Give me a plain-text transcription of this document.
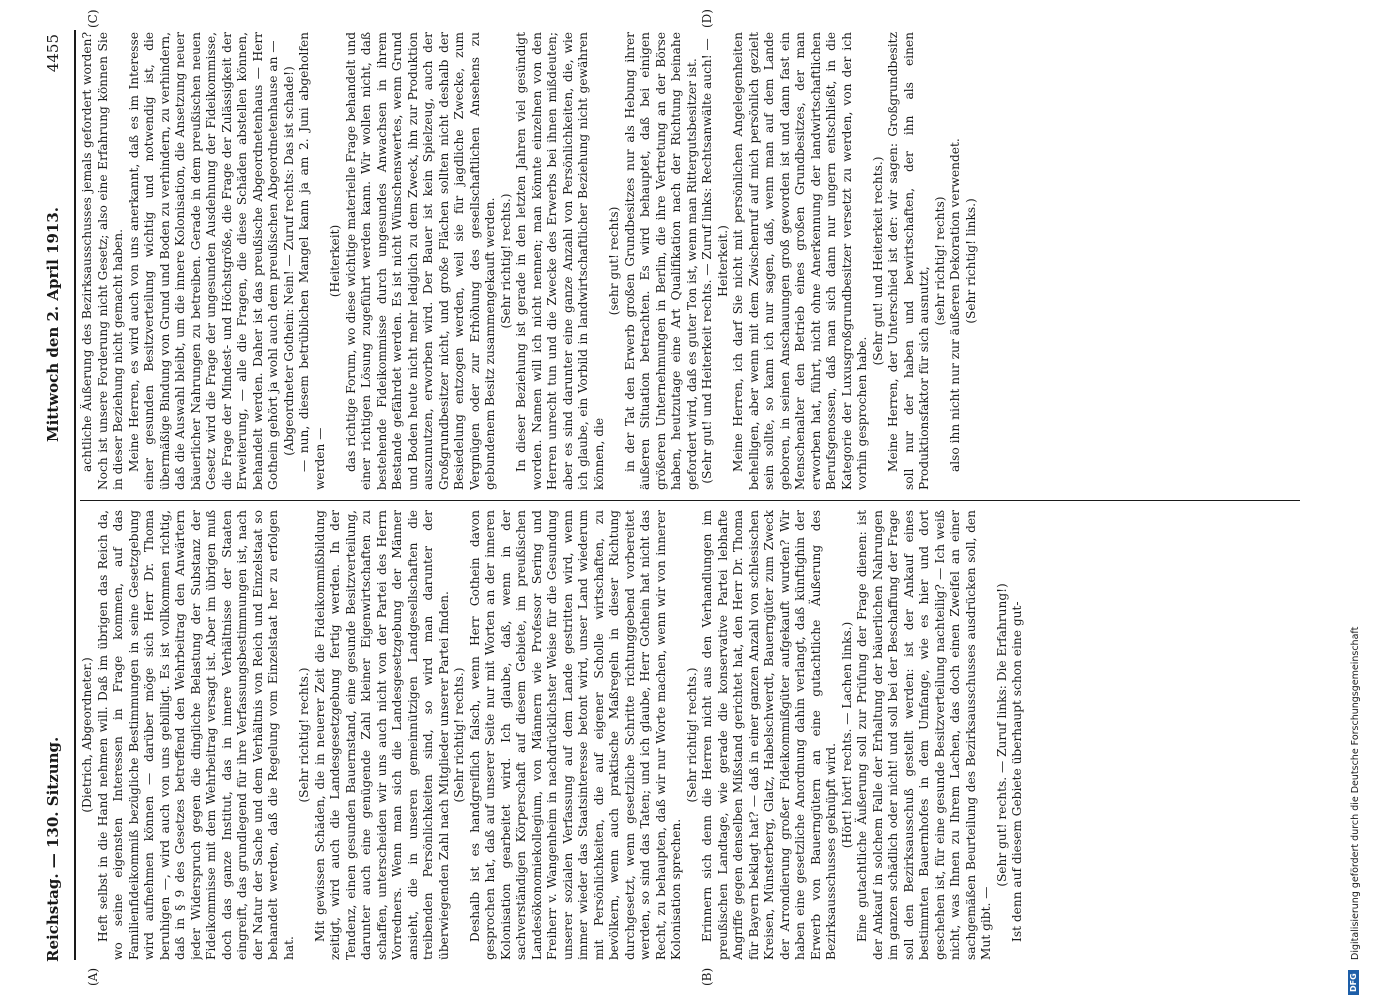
Reichstag. — 130. Sitzung.
Mittwoch den 2. April 1913.
4455
(A)	(B)
(C)	(D)

(Dietrich, Abgeordneter.) Heft selbst in die Hand nehmen will. Daß im übrigen das Reich da, wo seine eigensten Interessen in Frage kommen, auf das Familienfideikommiß bezügliche Bestimmungen in seine Gesetzgebung wird aufnehmen können — darüber möge sich Herr Dr. Thoma beruhigen —, wird auch von uns gebilligt. Es ist vollkommen richtig, daß in § 9 des Gesetzes betreffend den Wehrbeitrag den Anwärtern jeder Widerspruch gegen die dingliche Belastung der Substanz der Fideikommisse mit dem Wehrbeitrag versagt ist. Aber im übrigen muß doch das ganze Institut, das in innere Verhältnisse der Staaten eingreift, das grundlegend für ihre Verfassungsbestimmungen ist, nach der Natur der Sache und dem Verhältnis von Reich und Einzelstaat so behandelt werden, daß die Regelung vom Einzelstaat her zu erfolgen hat.

(Sehr richtig! rechts.) Mit gewissen Schäden, die in neuerer Zeit die Fideikommißbildung zeitigt, wird auch die Landesgesetzgebung fertig werden. In der Tendenz, einen gesunden Bauernstand, eine gesunde Besitzverteilung, darunter auch eine genügende Zahl kleiner Eigenwirtschaften zu schaffen, unterscheiden wir uns auch nicht von der Partei des Herrn Vorredners. Wenn man sich die Landesgesetzgebung der Männer ansieht, die in unseren gemeinnützigen Landgesellschaften die treibenden Persönlichkeiten sind, so wird man darunter der überwiegenden Zahl nach Mitglieder unserer Partei finden. (Sehr richtig! rechts.) Deshalb ist es handgreiflich falsch, wenn Herr Gothein davon gesprochen hat, daß auf unserer Seite nur mit Worten an der inneren Kolonisation gearbeitet wird. Ich glaube, daß, wenn in der sachverständigen Körperschaft auf diesem Gebiete, im preußischen Landesökonomiekollegium, von Männern wie Professor Sering und Freiherr v. Wangenheim in nachdrücklichster Weise für die Gesundung unserer sozialen Verfassung auf dem Lande gestritten wird, wenn immer wieder das Staatsinteresse betont wird, unser Land wiederum mit Persönlichkeiten, die auf eigener Scholle wirtschaften, zu bevölkern, wenn auch praktische Maßregeln in dieser Richtung durchgesetzt, wenn gesetzliche Schritte richtunggebend vorbereitet werden, so sind das Taten; und ich glaube, Herr Gothein hat nicht das Recht, zu behaupten, daß wir nur Worte machen, wenn wir von innerer Kolonisation sprechen.

(Sehr richtig! rechts.) Erinnern sich denn die Herren nicht aus den Verhandlungen im preußischen Landtage, wie gerade die konservative Partei lebhafte Angriffe gegen denselben Mißstand gerichtet hat, den Herr Dr. Thoma für Bayern beklagt hat? — daß in einer ganzen Anzahl von schlesischen Kreisen, Münsterberg, Glatz, Habelschwerdt, Bauerngüter zum Zweck der Arrondierung großer Fideikommißgüter aufgekauft wurden? Wir haben eine gesetzliche Anordnung dahin verlangt, daß künftighin der Erwerb von Bauerngütern an eine gutachtliche Äußerung des Bezirksausschusses geknüpft wird.

(Hört! hört! rechts. — Lachen links.) Eine gutachtliche Äußerung soll zur Prüfung der Frage dienen: ist der Ankauf in solchem Falle der Erhaltung der bäuerlichen Nahrungen im ganzen schädlich oder nicht! und soll bei der Beschaffung der Frage soll den Bezirksausschuß gestellt werden: ist der Ankauf eines bestimmten Bauernhofes in dem Umfange, wie es hier und dort geschehen ist, für eine gesunde Besitzverteilung nachteilig? — Ich weiß nicht, was Ihnen zu Ihrem Lachen, das doch einen Zweifel an einer sachgemäßen Beurteilung des Bezirksausschusses ausdrücken soll, den Mut gibt. —

(Sehr gut! rechts. — Zuruf links: Die Erfahrung!) Ist denn auf diesem Gebiete überhaupt schon eine gut-

achtliche Äußerung des Bezirksausschusses jemals gefordert worden? Noch ist unsere Forderung nicht Gesetz; also eine Erfahrung können Sie in dieser Beziehung nicht gemacht haben. Meine Herren, es wird auch von uns anerkannt, daß es im Interesse einer gesunden Besitzverteilung wichtig und notwendig ist, die übermäßige Bindung von Grund und Boden zu verhindern, zu verhindern, daß die Auswahl bleibt, um die innere Kolonisation, die Ansetzung neuer bäuerlicher Nahrungen zu betreiben. Gerade in dem preußischen neuen Gesetz wird die Frage der ungesunden Ausdehnung der Fideikommisse, die Frage der Mindest- und Höchstgröße, die Frage der Zulässigkeit der Erweiterung, — alle die Fragen, die diese Schäden abstellen können, behandelt werden. Daher ist das preußische Abgeordnetenhaus — Herr Gothein gehört ja wohl auch dem preußischen Abgeordnetenhause an — (Abgeordneter Gothein: Nein! — Zuruf rechts: Das ist schade!) — nun, diesem betrüblichen Mangel kann ja am 2. Juni abgeholfen werden —

(Heiterkeit) das richtige Forum, wo diese wichtige materielle Frage behandelt und einer richtigen Lösung zugeführt werden kann. Wir wollen nicht, daß bestehende Fideikommisse durch ungesundes Anwachsen in ihrem Bestande gefährdet werden. Es ist nicht Wünschenswertes, wenn Grund und Boden heute nicht mehr lediglich zu dem Zweck, ihn zur Produktion auszunutzen, erworben wird. Der Bauer ist kein Spielzeug, auch der Großgrundbesitzer nicht, und große Flächen sollten nicht deshalb der Besiedelung entzogen werden, weil sie für jagdliche Zwecke, zum Vergnügen oder zur Erhöhung des gesellschaftlichen Ansehens zu gebundenem Besitz zusammengekauft werden. (Sehr richtig! rechts.) In dieser Beziehung ist gerade in den letzten Jahren viel gesündigt worden. Namen will ich nicht nennen; man könnte einzelnen von den Herren unrecht tun und die Zwecke des Erwerbs bei ihnen mißdeuten; aber es sind darunter eine ganze Anzahl von Persönlichkeiten, die, wie ich glaube, ein Vorbild in landwirtschaftlicher Beziehung nicht gewähren können, die

(sehr gut! rechts) in der Tat den Erwerb großen Grundbesitzes nur als Hebung ihrer äußeren Situation betrachten. Es wird behauptet, daß bei einigen größeren Unternehmungen in Berlin, die ihre Vertretung an der Börse haben, heutzutage eine Art Qualifikation nach der Richtung beinahe gefordert wird, daß es guter Ton ist, wenn man Rittergutsbesitzer ist. (Sehr gut! und Heiterkeit rechts. — Zuruf links: Rechtsanwälte auch! — Heiterkeit.) Meine Herren, ich darf Sie nicht mit persönlichen Angelegenheiten behelligen, aber wenn mit dem Zwischenruf auf mich persönlich gezielt sein sollte, so kann ich nur sagen, daß, wenn man auf dem Lande geboren, in seinen Anschauungen groß geworden ist und dann fast ein Menschenalter den Betrieb eines großen Grundbesitzes, der man erworben hat, führt, nicht ohne Anerkennung der landwirtschaftlichen Berufsgenossen, daß man sich dann nur ungern entschließt, in die Kategorie der Luxusgroßgrundbesitzer versetzt zu werden, von der ich vorhin gesprochen habe.

(Sehr gut! und Heiterkeit rechts.) Meine Herren, der Unterschied ist der: wir sagen: Großgrundbesitz soll nur der haben und bewirtschaften, der ihn als einen Produktionsfaktor für sich ausnutzt,

(sehr richtig! rechts) also ihn nicht nur zur äußeren Dekoration verwendet. (Sehr richtig! links.)

DFG
Digitalisierung gefördert durch die Deutsche Forschungsgemeinschaft
